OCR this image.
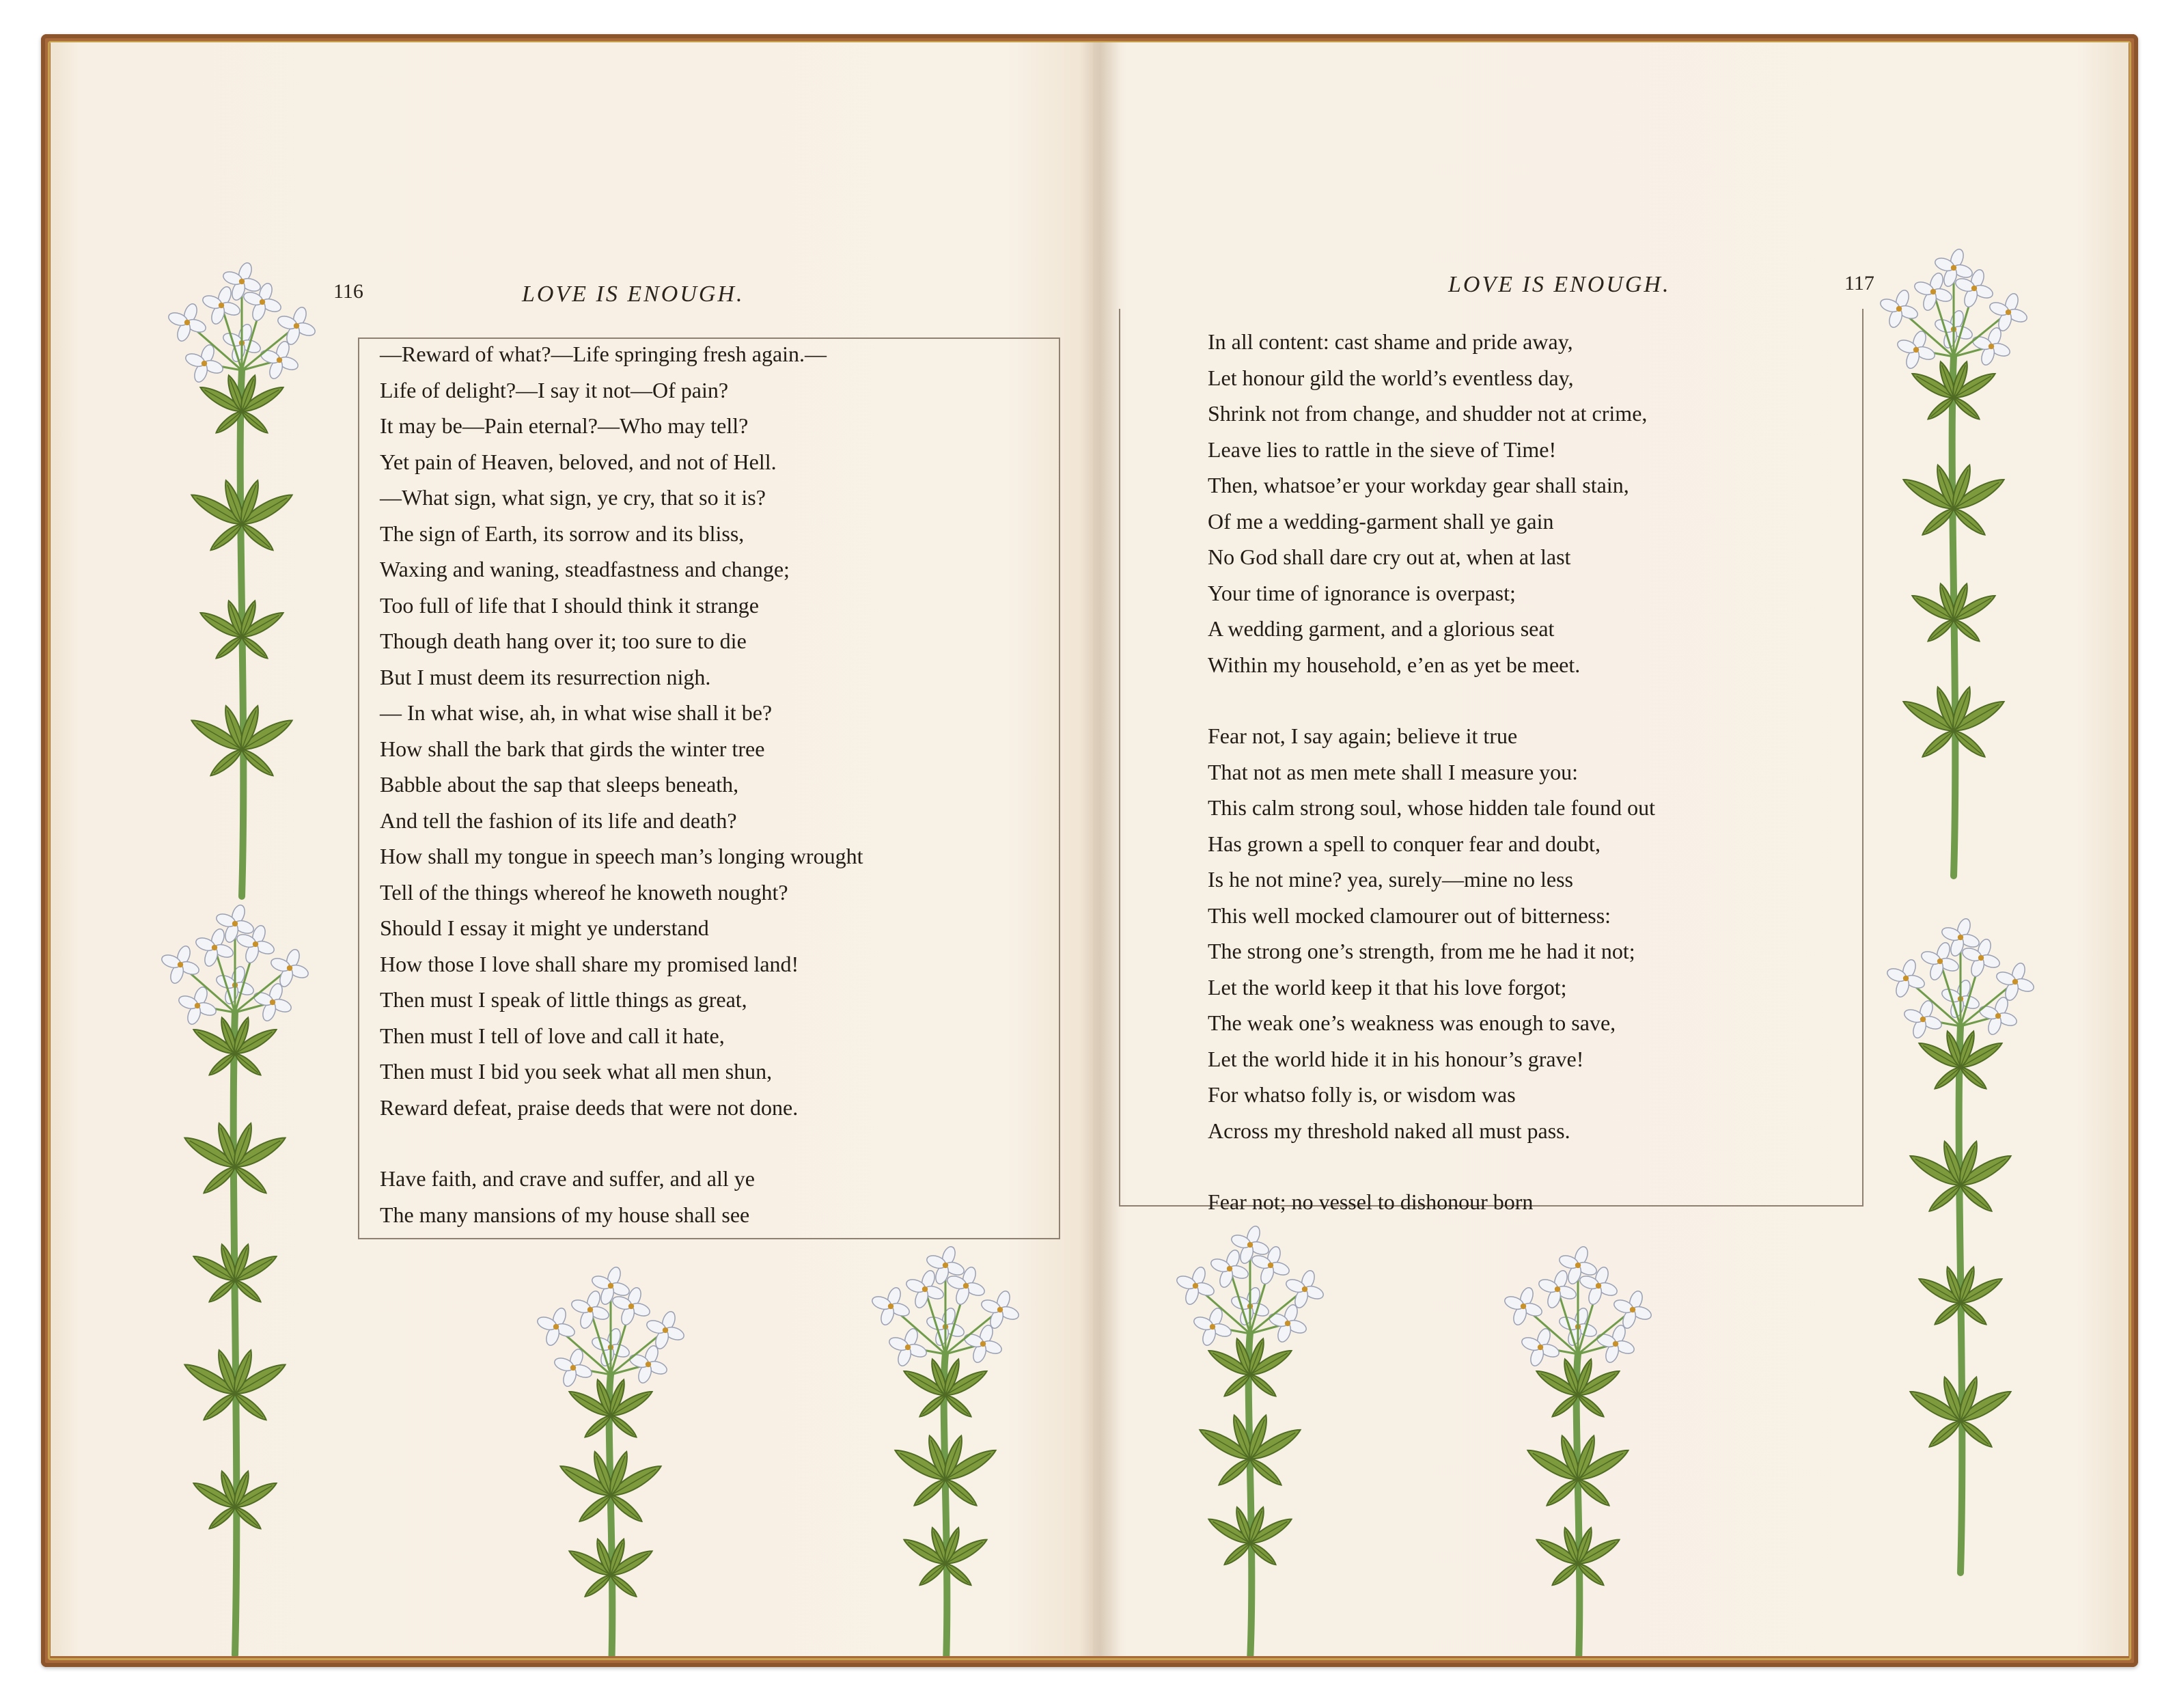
116	LOVE IS ENOUGH.
—Reward of what?—Life springing fresh again.—
Life of delight?—I say it not—Of pain?
It may be—Pain eternal?—Who may tell?
Yet pain of Heaven, beloved, and not of Hell.
—What sign, what sign, ye cry, that so it is?
The sign of Earth, its sorrow and its bliss,
Waxing and waning, steadfastness and change;
Too full of life that I should think it strange
Though death hang over it; too sure to die
But I must deem its resurrection nigh.
— In what wise, ah, in what wise shall it be?
How shall the bark that girds the winter tree
Babble about the sap that sleeps beneath,
And tell the fashion of its life and death?
How shall my tongue in speech man’s longing wrought
Tell of the things whereof he knoweth nought?
Should I essay it might ye understand
How those I love shall share my promised land!
Then must I speak of little things as great,
Then must I tell of love and call it hate,
Then must I bid you seek what all men shun,
Reward defeat, praise deeds that were not done.
Have faith, and crave and suffer, and all ye
The many mansions of my house shall see
LOVE IS ENOUGH.	117
In all content: cast shame and pride away,
Let honour gild the world’s eventless day,
Shrink not from change, and shudder not at crime,
Leave lies to rattle in the sieve of Time!
Then, whatsoe’er your workday gear shall stain,
Of me a wedding-garment shall ye gain
No God shall dare cry out at, when at last
Your time of ignorance is overpast;
A wedding garment, and a glorious seat
Within my household, e’en as yet be meet.
Fear not, I say again; believe it true
That not as men mete shall I measure you:
This calm strong soul, whose hidden tale found out
Has grown a spell to conquer fear and doubt,
Is he not mine? yea, surely—mine no less
This well mocked clamourer out of bitterness:
The strong one’s strength, from me he had it not;
Let the world keep it that his love forgot;
The weak one’s weakness was enough to save,
Let the world hide it in his honour’s grave!
For whatso folly is, or wisdom was
Across my threshold naked all must pass.
Fear not; no vessel to dishonour born
